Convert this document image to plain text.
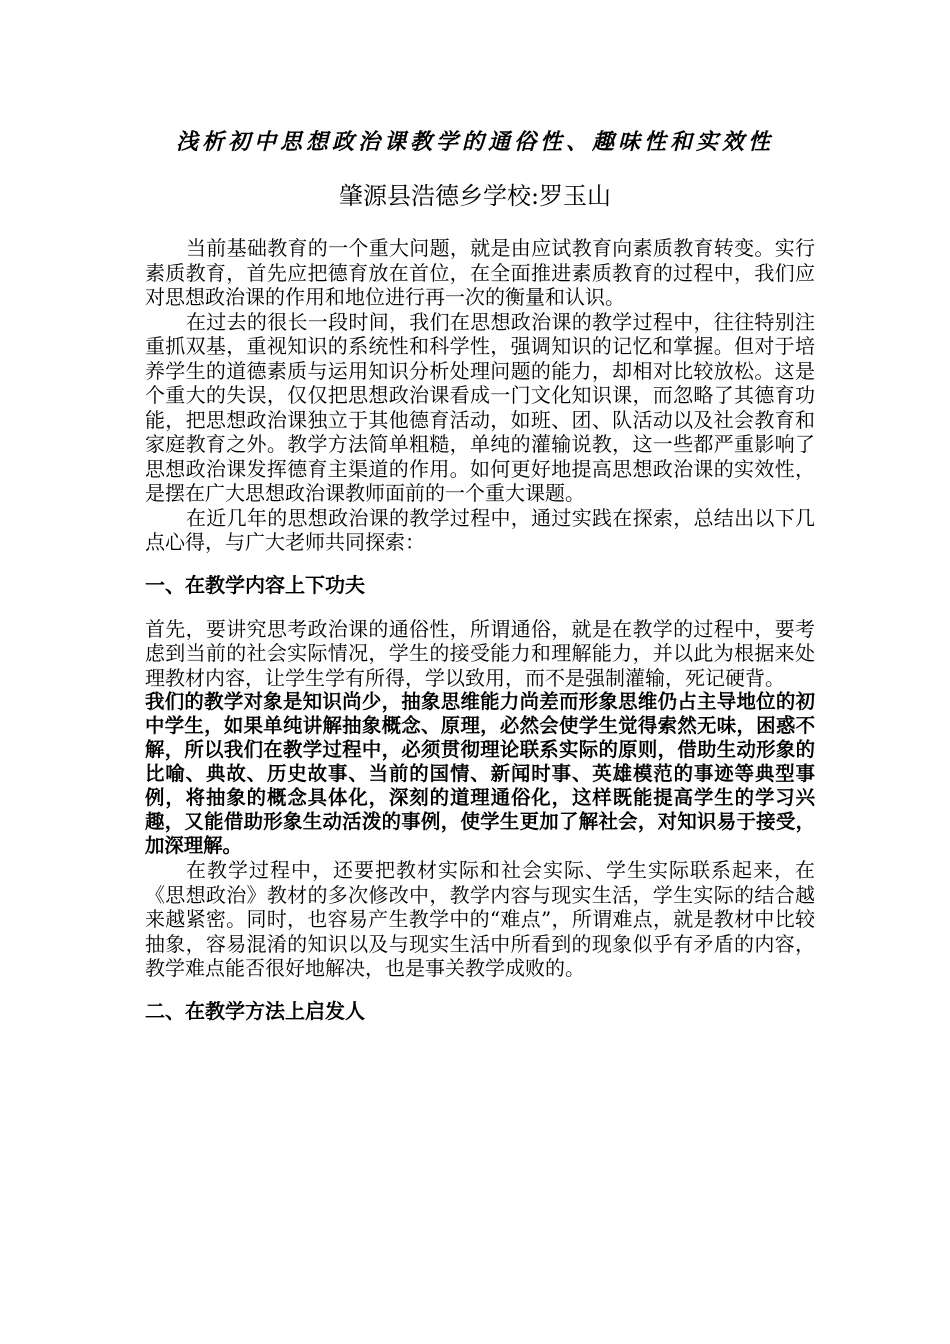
浅析初中思想政治课教学的通俗性、趣味性和实效性
肇源县浩德乡学校:罗玉山

当前基础教育的一个重大问题，就是由应试教育向素质教育转变。实行素质教育，首先应把德育放在首位，在全面推进素质教育的过程中，我们应对思想政治课的作用和地位进行再一次的衡量和认识。

在过去的很长一段时间，我们在思想政治课的教学过程中，往往特别注重抓双基，重视知识的系统性和科学性，强调知识的记忆和掌握。但对于培养学生的道德素质与运用知识分析处理问题的能力，却相对比较放松。这是个重大的失误，仅仅把思想政治课看成一门文化知识课，而忽略了其德育功能，把思想政治课独立于其他德育活动，如班、团、队活动以及社会教育和家庭教育之外。教学方法简单粗糙，单纯的灌输说教，这一些都严重影响了思想政治课发挥德育主渠道的作用。如何更好地提高思想政治课的实效性，是摆在广大思想政治课教师面前的一个重大课题。

在近几年的思想政治课的教学过程中，通过实践在探索，总结出以下几点心得，与广大老师共同探索：

一、在教学内容上下功夫

首先，要讲究思考政治课的通俗性，所谓通俗，就是在教学的过程中，要考虑到当前的社会实际情况，学生的接受能力和理解能力，并以此为根据来处理教材内容，让学生学有所得，学以致用，而不是强制灌输，死记硬背。

我们的教学对象是知识尚少，抽象思维能力尚差而形象思维仍占主导地位的初中学生，如果单纯讲解抽象概念、原理，必然会使学生觉得索然无味，困惑不解，所以我们在教学过程中，必须贯彻理论联系实际的原则，借助生动形象的比喻、典故、历史故事、当前的国情、新闻时事、英雄模范的事迹等典型事例，将抽象的概念具体化，深刻的道理通俗化，这样既能提高学生的学习兴趣，又能借助形象生动活泼的事例，使学生更加了解社会，对知识易于接受，加深理解。

在教学过程中，还要把教材实际和社会实际、学生实际联系起来，在《思想政治》教材的多次修改中，教学内容与现实生活，学生实际的结合越来越紧密。同时，也容易产生教学中的“难点”，所谓难点，就是教材中比较抽象，容易混淆的知识以及与现实生活中所看到的现象似乎有矛盾的内容，教学难点能否很好地解决，也是事关教学成败的。

二、在教学方法上启发人
